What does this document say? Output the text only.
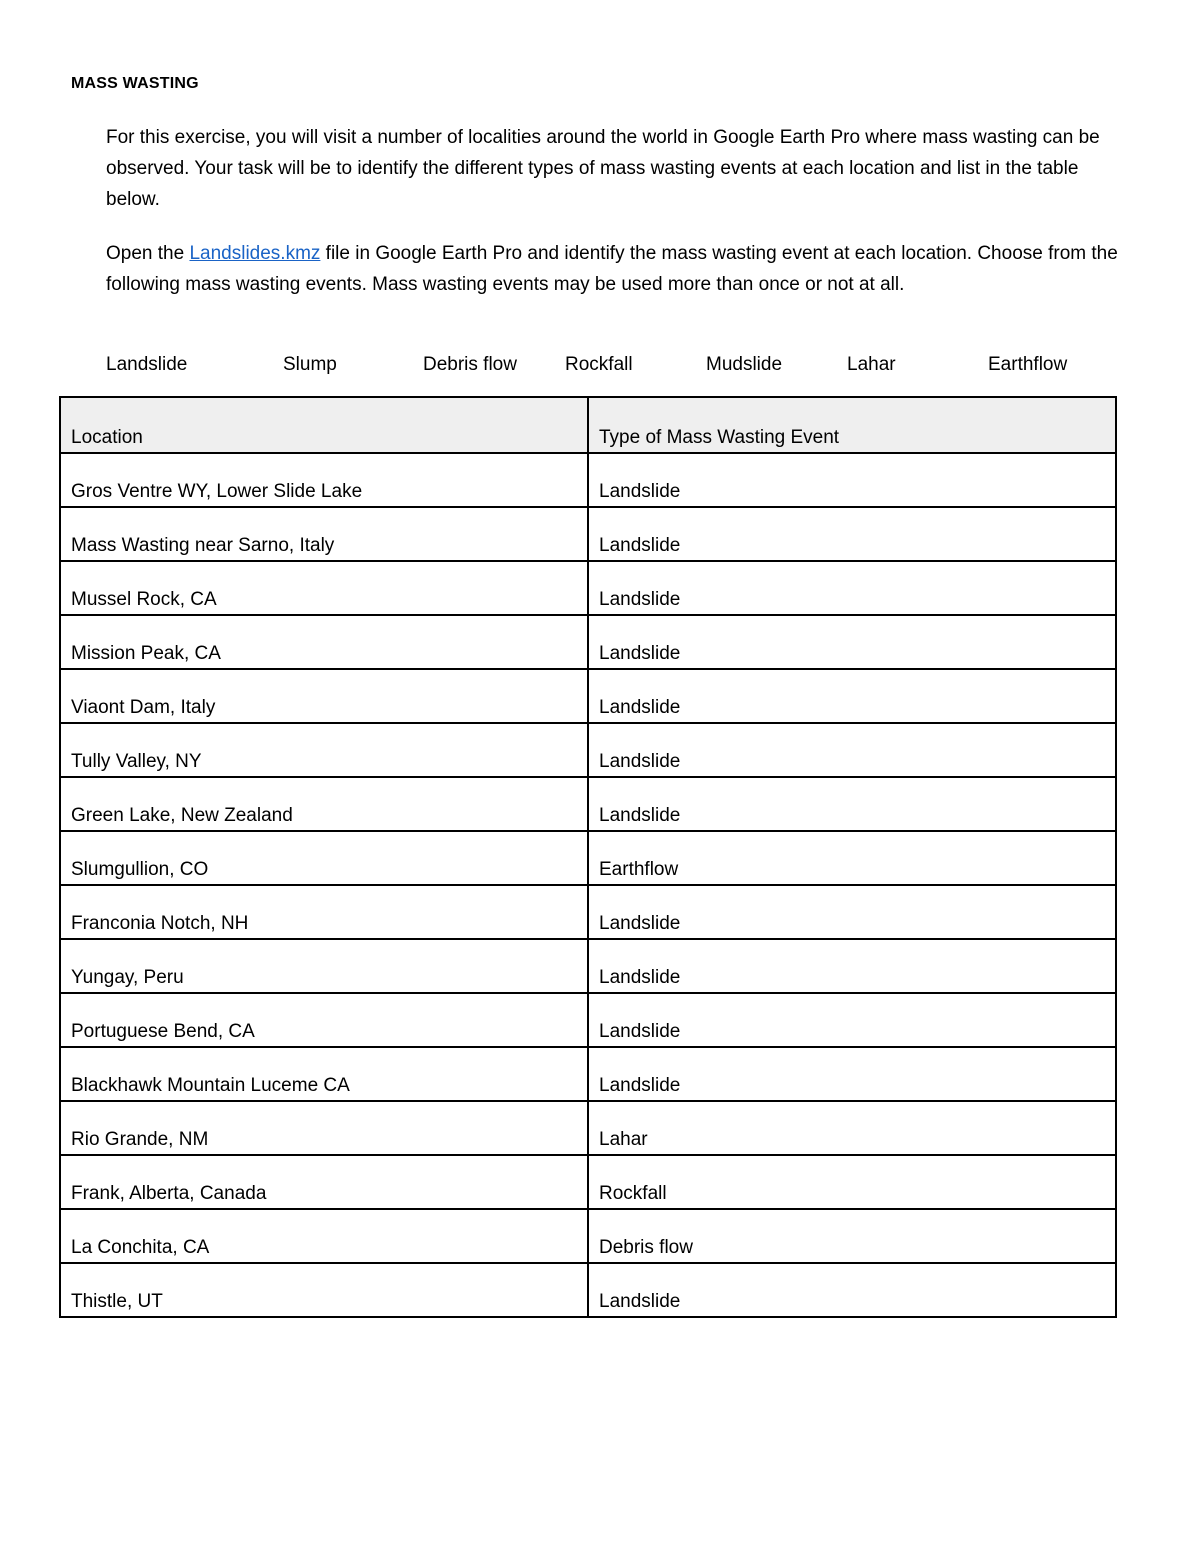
MASS WASTING

For this exercise, you will visit a number of localities around the world in Google Earth Pro where mass wasting can be observed. Your task will be to identify the different types of mass wasting events at each location and list in the table below.

Open the Landslides.kmz file in Google Earth Pro and identify the mass wasting event at each location. Choose from the following mass wasting events. Mass wasting events may be used more than once or not at all.

Landslide	Slump	Debris flow	Rockfall	Mudslide	Lahar	Earthflow
Location	Type of Mass Wasting Event
Gros Ventre WY, Lower Slide Lake	Landslide
Mass Wasting near Sarno, Italy	Landslide
Mussel Rock, CA	Landslide
Mission Peak, CA	Landslide
Viaont Dam, Italy	Landslide
Tully Valley, NY	Landslide
Green Lake, New Zealand	Landslide
Slumgullion, CO	Earthflow
Franconia Notch, NH	Landslide
Yungay, Peru	Landslide
Portuguese Bend, CA	Landslide
Blackhawk Mountain Luceme CA	Landslide
Rio Grande, NM	Lahar
Frank, Alberta, Canada	Rockfall
La Conchita, CA	Debris flow
Thistle, UT	Landslide
